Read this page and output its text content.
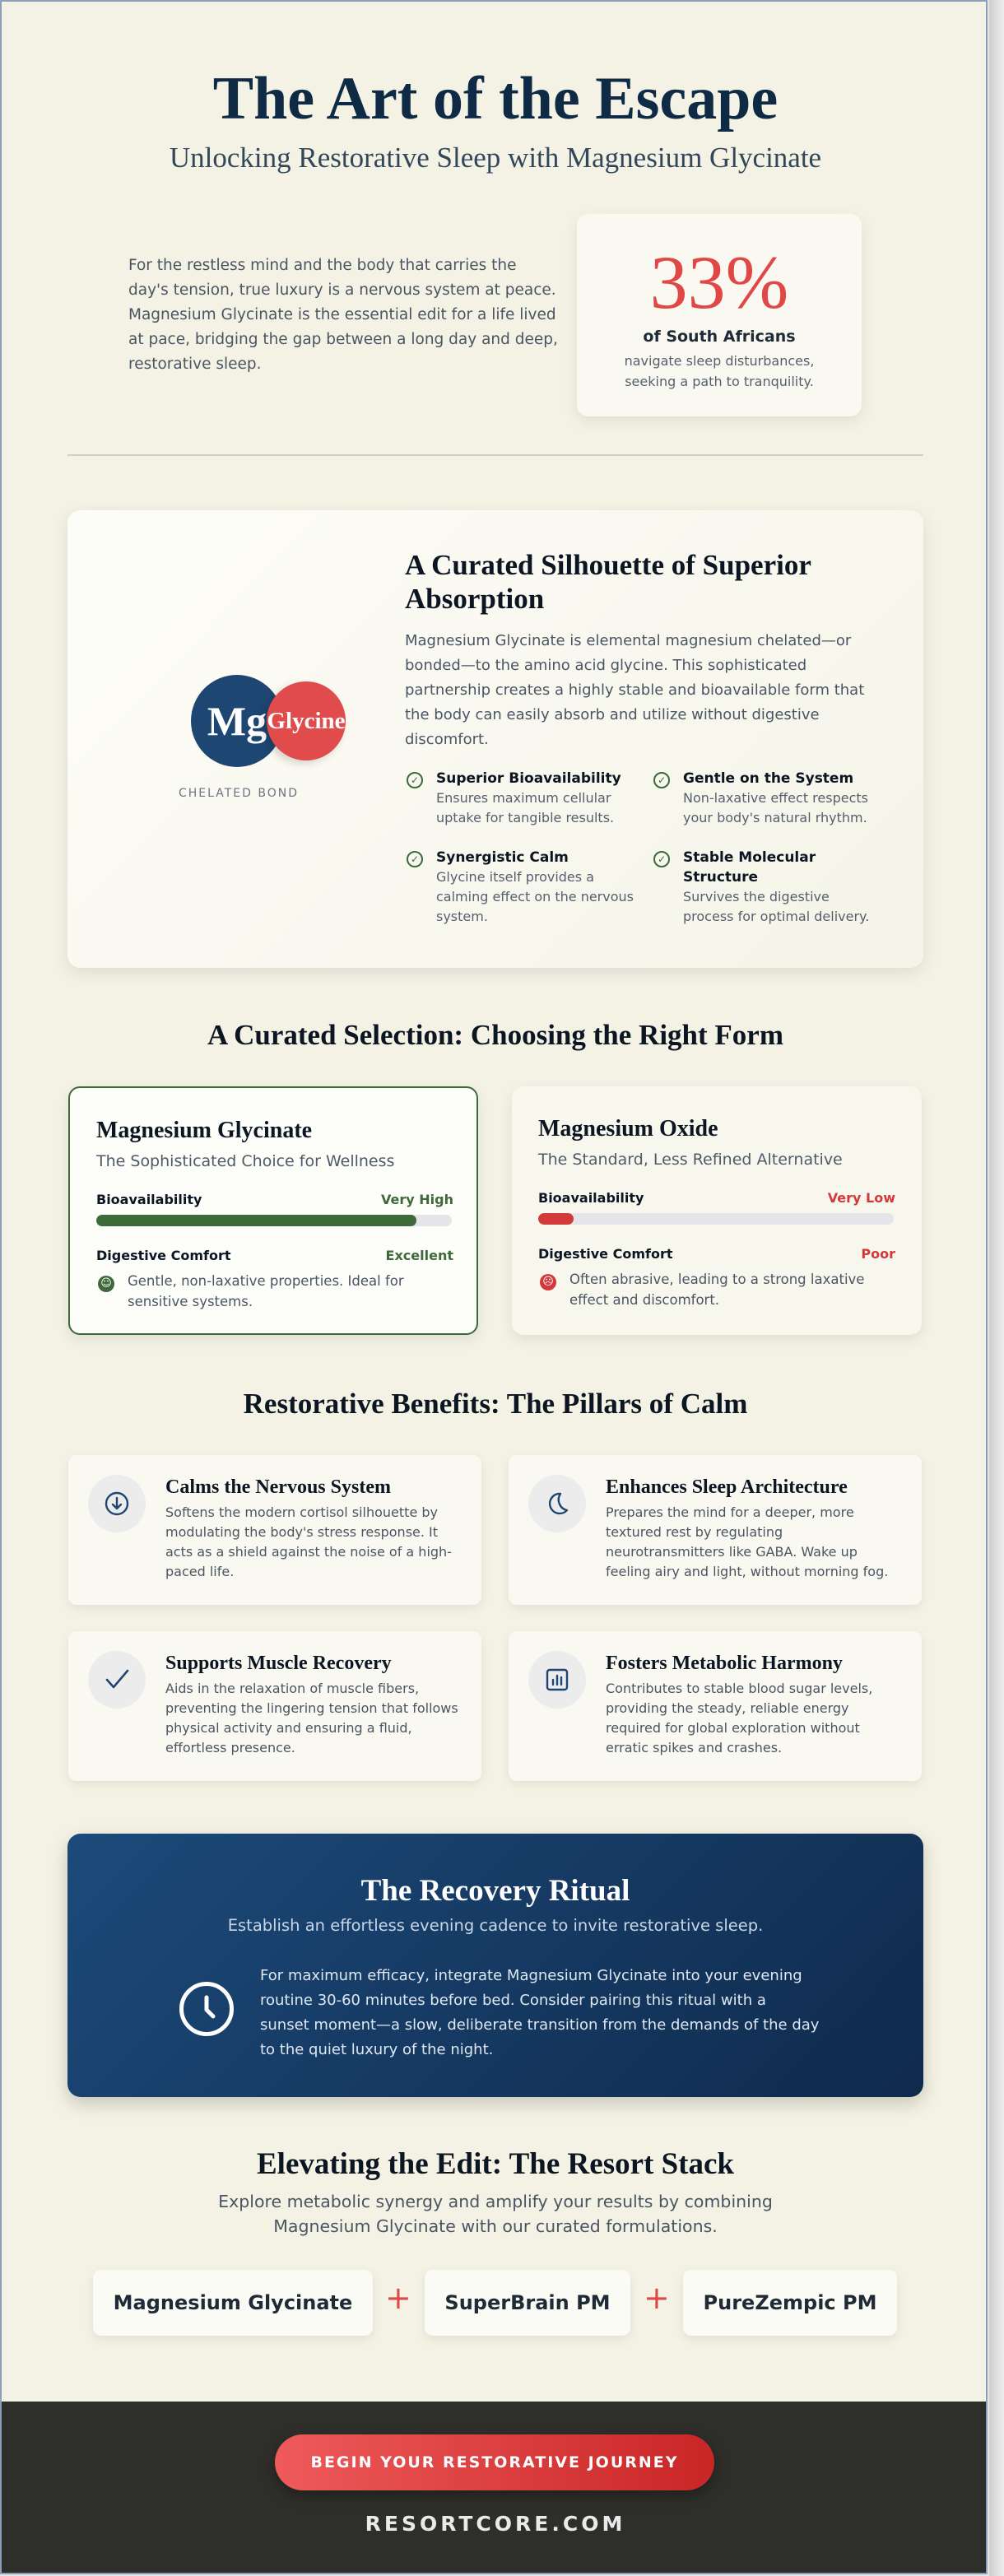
The Art of the Escape
Unlocking Restorative Sleep with Magnesium Glycinate

For the restless mind and the body that carries the day's tension, true luxury is a nervous system at peace. Magnesium Glycinate is the essential edit for a life lived at pace, bridging the gap between a long day and deep, restorative sleep.

33%
of South Africans
navigate sleep disturbances, seeking a path to tranquility.
Mg Glycine
CHELATED BOND
A Curated Silhouette of Superior Absorption

Magnesium Glycinate is elemental magnesium chelated—or bonded—to the amino acid glycine. This sophisticated partnership creates a highly stable and bioavailable form that the body can easily absorb and utilize without digestive discomfort.

✓ Superior Bioavailability
Ensures maximum cellular uptake for tangible results.
✓ Gentle on the System
Non-laxative effect respects your body's natural rhythm.
✓ Synergistic Calm
Glycine itself provides a calming effect on the nervous system.
✓ Stable Molecular Structure
Survives the digestive process for optimal delivery.
A Curated Selection: Choosing the Right Form
Magnesium Glycinate
The Sophisticated Choice for Wellness
Bioavailability	Very High
Digestive Comfort	Excellent
☺ Gentle, non-laxative properties. Ideal for sensitive systems.
Magnesium Oxide
The Standard, Less Refined Alternative
Bioavailability	Very Low
Digestive Comfort	Poor
☹ Often abrasive, leading to a strong laxative effect and discomfort.
Restorative Benefits: The Pillars of Calm
Calms the Nervous System
Softens the modern cortisol silhouette by modulating the body's stress response. It acts as a shield against the noise of a high-paced life.
Enhances Sleep Architecture
Prepares the mind for a deeper, more textured rest by regulating neurotransmitters like GABA. Wake up feeling airy and light, without morning fog.
Supports Muscle Recovery
Aids in the relaxation of muscle fibers, preventing the lingering tension that follows physical activity and ensuring a fluid, effortless presence.
Fosters Metabolic Harmony
Contributes to stable blood sugar levels, providing the steady, reliable energy required for global exploration without erratic spikes and crashes.
The Recovery Ritual
Establish an effortless evening cadence to invite restorative sleep.
For maximum efficacy, integrate Magnesium Glycinate into your evening routine 30-60 minutes before bed. Consider pairing this ritual with a sunset moment—a slow, deliberate transition from the demands of the day to the quiet luxury of the night.
Elevating the Edit: The Resort Stack
Explore metabolic synergy and amplify your results by combining Magnesium Glycinate with our curated formulations.
Magnesium Glycinate	+	SuperBrain PM	+	PureZempic PM
BEGIN YOUR RESTORATIVE JOURNEY
RESORTCORE.COM
